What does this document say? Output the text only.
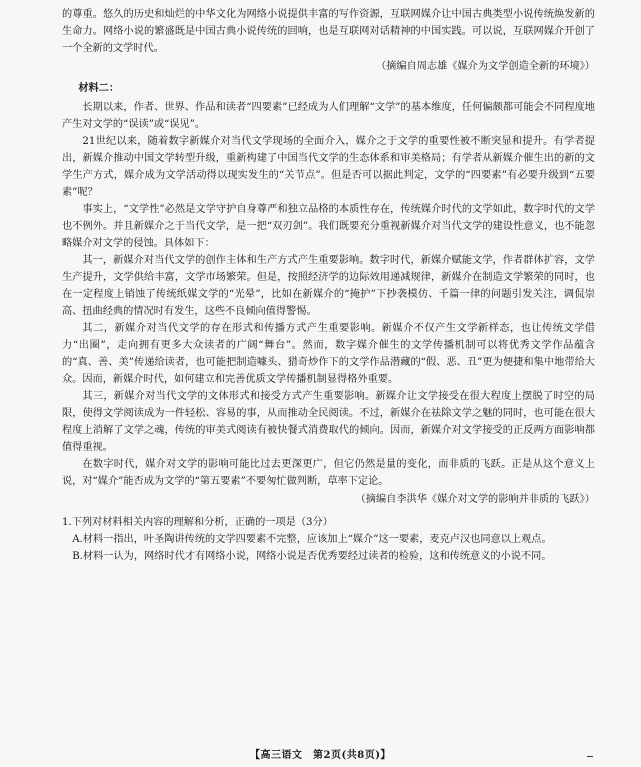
的尊重。悠久的历史和灿烂的中华文化为网络小说提供丰富的写作资源，互联网媒介让中国古典类型小说传统焕发新的生命力。网络小说的繁盛既是中国古典小说传统的回响，也是互联网对话精神的中国实践。可以说，互联网媒介开创了一个全新的文学时代。

（摘编自周志雄《媒介为文学创造全新的环境》）

材料二：

长期以来，作者、世界、作品和读者“四要素”已经成为人们理解“文学”的基本维度，任何偏颇都可能会不同程度地产生对文学的“误读”或“误见”。

21世纪以来，随着数字新媒介对当代文学现场的全面介入，媒介之于文学的重要性被不断突显和提升。有学者提出，新媒介推动中国文学转型升级，重新构建了中国当代文学的生态体系和审美格局；有学者从新媒介催生出的新的文学生产方式，媒介成为文学活动得以现实发生的“关节点”。但是否可以据此判定，文学的“四要素”有必要升级到“五要素”呢？

事实上，“文学性”必然是文学守护自身尊严和独立品格的本质性存在，传统媒介时代的文学如此，数字时代的文学也不例外。并且新媒介之于当代文学，是一把“双刃剑”。我们既要充分重视新媒介对当代文学的建设性意义，也不能忽略媒介对文学的侵蚀。具体如下：

其一，新媒介对当代文学的创作主体和生产方式产生重要影响。数字时代，新媒介赋能文学，作者群体扩容，文学生产提升，文学供给丰富，文学市场繁荣。但是，按照经济学的边际效用递减规律，新媒介在制造文学繁荣的同时，也在一定程度上销蚀了传统纸媒文学的“光晕”，比如在新媒介的“掩护”下抄袭模仿、千篇一律的问题引发关注，调侃崇高、扭曲经典的情况时有发生，这些不良倾向值得警惕。

其二，新媒介对当代文学的存在形式和传播方式产生重要影响。新媒介不仅产生文学新样态，也让传统文学借力“出圈”，走向拥有更多大众读者的广阔“舞台”。然而，数字媒介催生的文学传播机制可以将优秀文学作品蕴含的“真、善、美”传递给读者，也可能把制造噱头、猎奇炒作下的文学作品潜藏的“假、恶、丑”更为便捷和集中地带给大众。因而，新媒介时代，如何建立和完善优质文学传播机制显得格外重要。

其三，新媒介对当代文学的文体形式和接受方式产生重要影响。新媒介让文学接受在很大程度上摆脱了时空的局限，使得文学阅读成为一件轻松、容易的事，从而推动全民阅读。不过，新媒介在祛除文学之魅的同时，也可能在很大程度上消解了文学之魂，传统的审美式阅读有被快餐式消费取代的倾向。因而，新媒介对文学接受的正反两方面影响都值得重视。

在数字时代，媒介对文学的影响可能比过去更深更广，但它仍然是量的变化，而非质的飞跃。正是从这个意义上说，对“媒介”能否成为文学的“第五要素”不要匆忙做判断，草率下定论。

（摘编自李洪华《媒介对文学的影响并非质的飞跃》）

1.下列对材料相关内容的理解和分析，正确的一项是（3分）

A.材料一指出，叶圣陶讲传统的文学四要素不完整，应该加上“媒介”这一要素，麦克卢汉也同意以上观点。

B.材料一认为，网络时代才有网络小说，网络小说是否优秀要经过读者的检验，这和传统意义的小说不同。

【高三语文　第2页(共8页)】
